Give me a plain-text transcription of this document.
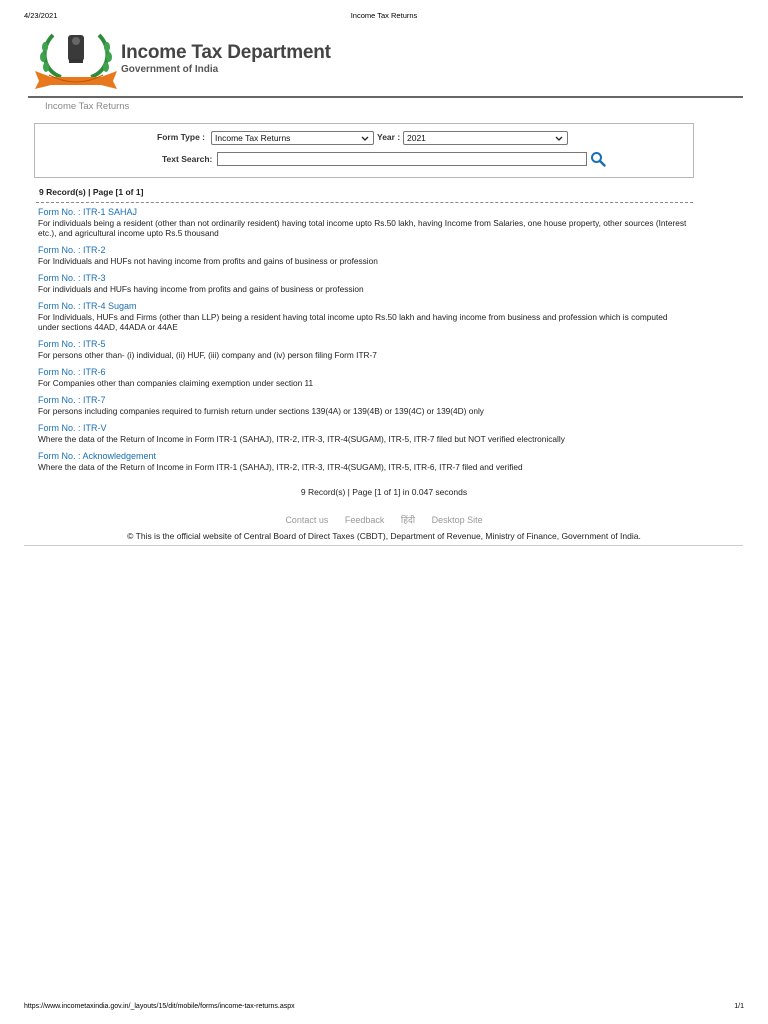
4/23/2021	Income Tax Returns
Income Tax Department
Government of India
Income Tax Returns
Form Type :	Income Tax Returns	Year : 2021
Text Search:
9 Record(s) | Page [1 of 1]
Form No. : ITR-1 SAHAJ
For individuals being a resident (other than not ordinarily resident) having total income upto Rs.50 lakh, having Income from Salaries, one house property, other sources (Interest etc.), and agricultural income upto Rs.5 thousand
Form No. : ITR-2
For Individuals and HUFs not having income from profits and gains of business or profession
Form No. : ITR-3
For individuals and HUFs having income from profits and gains of business or profession
Form No. : ITR-4 Sugam
For Individuals, HUFs and Firms (other than LLP) being a resident having total income upto Rs.50 lakh and having income from business and profession which is computed under sections 44AD, 44ADA or 44AE
Form No. : ITR-5
For persons other than- (i) individual, (ii) HUF, (iii) company and (iv) person filing Form ITR-7
Form No. : ITR-6
For Companies other than companies claiming exemption under section 11
Form No. : ITR-7
For persons including companies required to furnish return under sections 139(4A) or 139(4B) or 139(4C) or 139(4D) only
Form No. : ITR-V
Where the data of the Return of Income in Form ITR-1 (SAHAJ), ITR-2, ITR-3, ITR-4(SUGAM), ITR-5, ITR-7 filed but NOT verified electronically
Form No. : Acknowledgement
Where the data of the Return of Income in Form ITR-1 (SAHAJ), ITR-2, ITR-3, ITR-4(SUGAM), ITR-5, ITR-6, ITR-7 filed and verified
9 Record(s) | Page [1 of 1] in 0.047 seconds
Contact us Feedback हिंदी Desktop Site
© This is the official website of Central Board of Direct Taxes (CBDT), Department of Revenue, Ministry of Finance, Government of India.
https://www.incometaxindia.gov.in/_layouts/15/dit/mobile/forms/income-tax-returns.aspx	1/1
